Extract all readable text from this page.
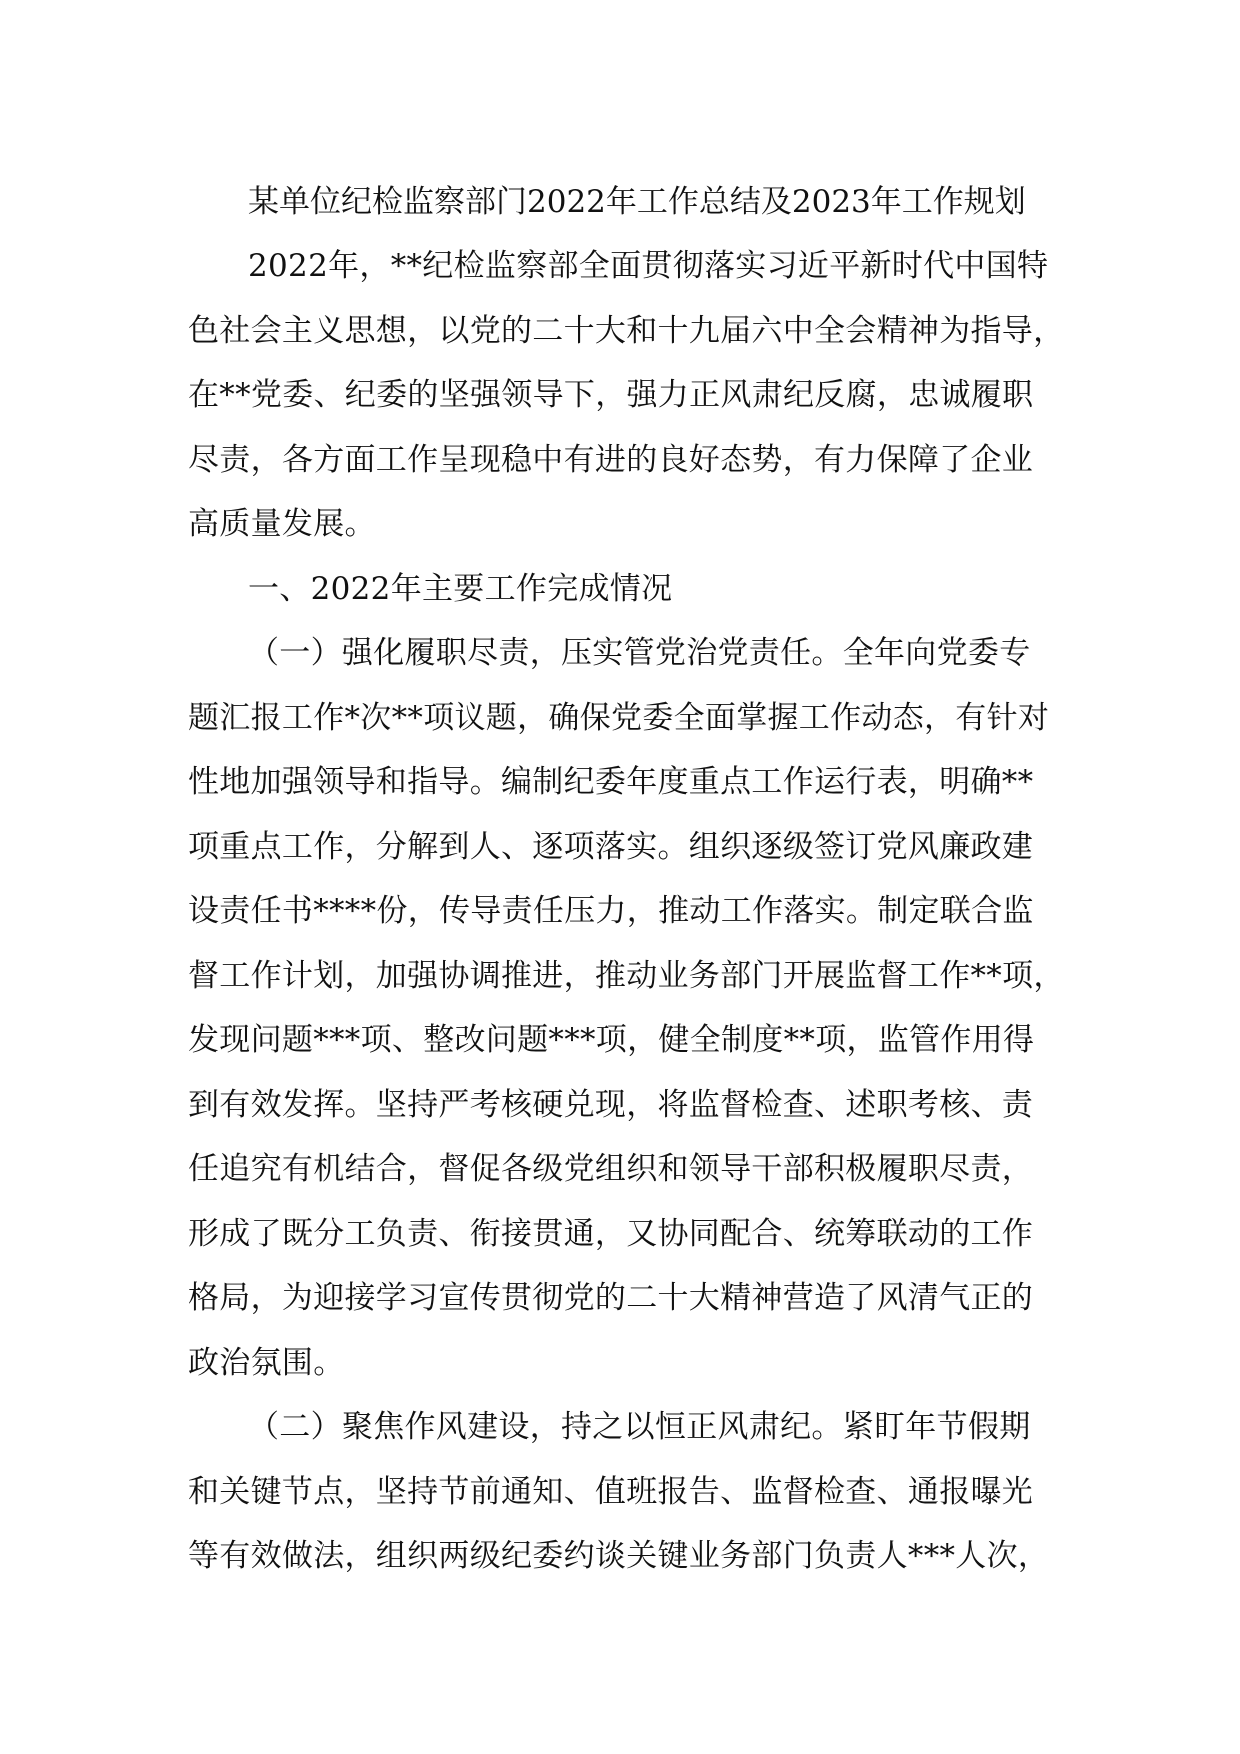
某单位纪检监察部门2022年工作总结及2023年工作规划

2022年，**纪检监察部全面贯彻落实习近平新时代中国特
色社会主义思想，以党的二十大和十九届六中全会精神为指导，
在**党委、纪委的坚强领导下，强力正风肃纪反腐，忠诚履职
尽责，各方面工作呈现稳中有进的良好态势，有力保障了企业
高质量发展。
一、2022年主要工作完成情况
（一）强化履职尽责，压实管党治党责任。全年向党委专
题汇报工作*次**项议题，确保党委全面掌握工作动态，有针对
性地加强领导和指导。编制纪委年度重点工作运行表，明确**
项重点工作，分解到人、逐项落实。组织逐级签订党风廉政建
设责任书****份，传导责任压力，推动工作落实。制定联合监
督工作计划，加强协调推进，推动业务部门开展监督工作**项，
发现问题***项、整改问题***项，健全制度**项，监管作用得
到有效发挥。坚持严考核硬兑现，将监督检查、述职考核、责
任追究有机结合，督促各级党组织和领导干部积极履职尽责，
形成了既分工负责、衔接贯通，又协同配合、统筹联动的工作
格局，为迎接学习宣传贯彻党的二十大精神营造了风清气正的
政治氛围。
（二）聚焦作风建设，持之以恒正风肃纪。紧盯年节假期
和关键节点，坚持节前通知、值班报告、监督检查、通报曝光
等有效做法，组织两级纪委约谈关键业务部门负责人***人次，
